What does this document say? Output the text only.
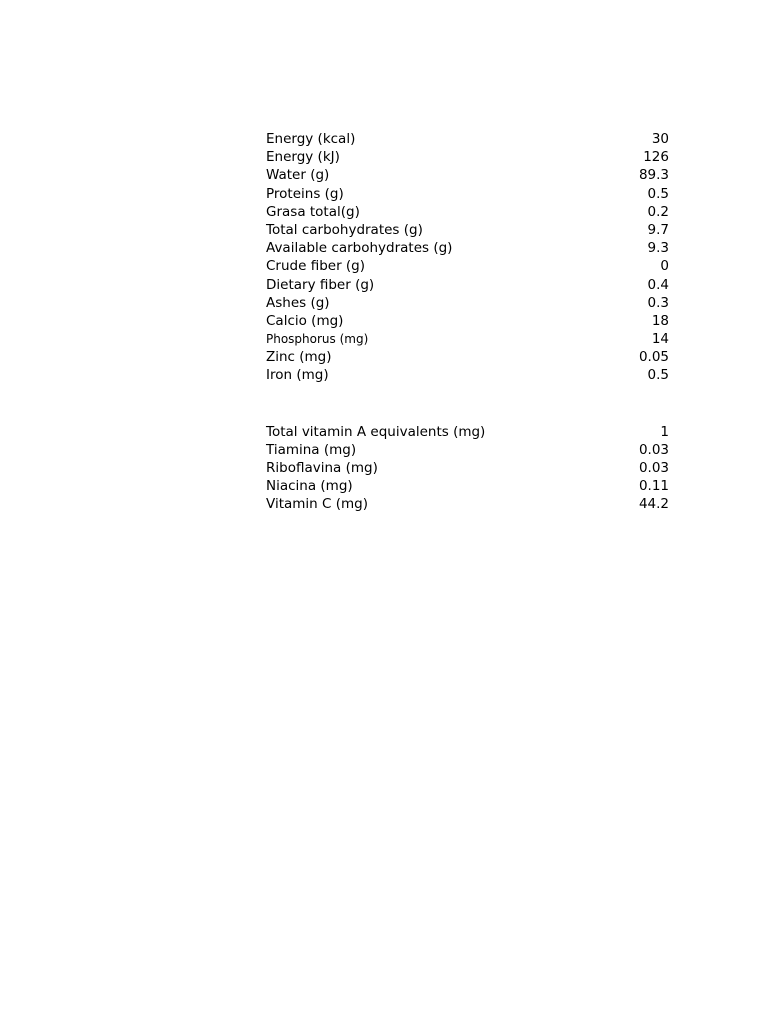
Energy (kcal)	30
Energy (kJ)	126
Water (g)	89.3
Proteins (g)	0.5
Grasa total(g)	0.2
Total carbohydrates (g)	9.7
Available carbohydrates (g)	9.3
Crude fiber (g)	0
Dietary fiber (g)	0.4
Ashes (g)	0.3
Calcio (mg)	18
Phosphorus (mg)	14
Zinc (mg)	0.05
Iron (mg)	0.5
Total vitamin A equivalents (mg)	1
Tiamina (mg)	0.03
Riboflavina (mg)	0.03
Niacina (mg)	0.11
Vitamin C (mg)	44.2
